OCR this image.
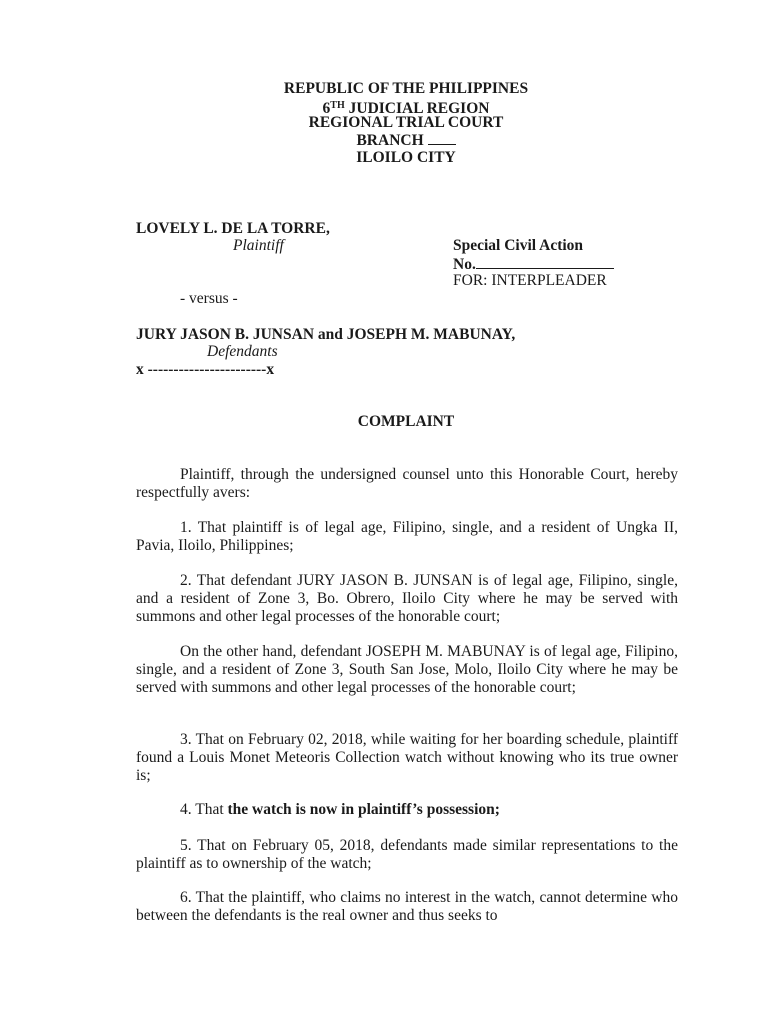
REPUBLIC OF THE PHILIPPINES
6TH JUDICIAL REGION
REGIONAL TRIAL COURT
BRANCH
ILOILO CITY
LOVELY L. DE LA TORRE,
Plaintiff	Special Civil Action
No.
FOR: INTERPLEADER
- versus -
JURY JASON B. JUNSAN and JOSEPH M. MABUNAY,
Defendants
x -----------------------x
COMPLAINT
Plaintiff, through the undersigned counsel unto this Honorable Court, hereby respectfully avers:
1. That plaintiff is of legal age, Filipino, single, and a resident of Ungka II, Pavia, Iloilo, Philippines;
2. That defendant JURY JASON B. JUNSAN is of legal age, Filipino, single, and a resident of Zone 3, Bo. Obrero, Iloilo City where he may be served with summons and other legal processes of the honorable court;
On the other hand, defendant JOSEPH M. MABUNAY is of legal age, Filipino, single, and a resident of Zone 3, South San Jose, Molo, Iloilo City where he may be served with summons and other legal processes of the honorable court;
3. That on February 02, 2018, while waiting for her boarding schedule, plaintiff found a Louis Monet Meteoris Collection watch without knowing who its true owner is;
4. That the watch is now in plaintiff’s possession;
5. That on February 05, 2018, defendants made similar representations to the plaintiff as to ownership of the watch;
6. That the plaintiff, who claims no interest in the watch, cannot determine who between the defendants is the real owner and thus seeks to
